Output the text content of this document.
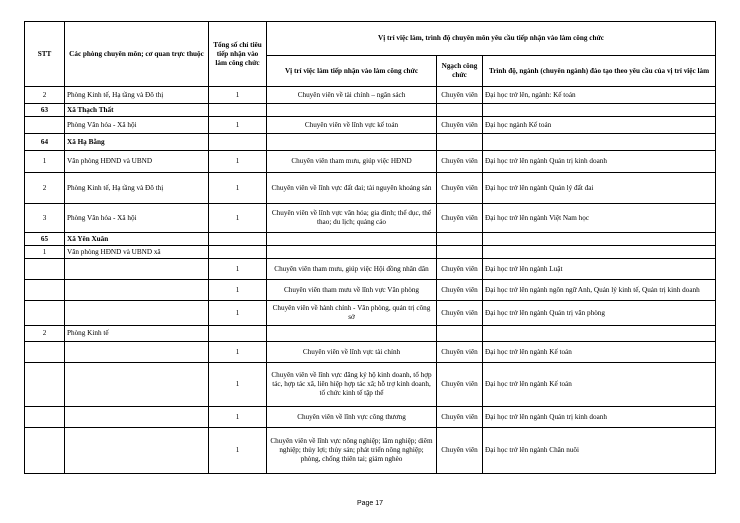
STT	Các phòng chuyên môn; cơ quan trực thuộc	Tổng số chỉ tiêu tiếp nhận vào làm công chức	Vị trí việc làm, trình độ chuyên môn yêu cầu tiếp nhận vào làm công chức		
			Vị trí việc làm tiếp nhận vào làm công chức	Ngạch công chức	Trình độ, ngành (chuyên ngành) đào tạo theo yêu cầu của vị trí việc làm
2	Phòng Kinh tế, Hạ tầng và Đô thị	1	Chuyên viên về tài chính – ngân sách	Chuyên viên	Đại học trở lên, ngành: Kế toán
63	Xã Thạch Thất				
	Phòng Văn hóa - Xã hội	1	Chuyên viên về lĩnh vực kế toán	Chuyên viên	Đại học ngành Kế toán
64	Xã Hạ Bằng				
1	Văn phòng HĐND và UBND	1	Chuyên viên tham mưu, giúp việc HĐND	Chuyên viên	Đại học trở lên ngành Quản trị kinh doanh
2	Phòng Kinh tế, Hạ tầng và Đô thị	1	Chuyên viên về lĩnh vực đất đai; tài nguyên khoáng sản	Chuyên viên	Đại học trở lên ngành Quản lý đất đai
3	Phòng Văn hóa - Xã hội	1	Chuyên viên về lĩnh vực văn hóa; gia đình; thể dục, thể thao; du lịch; quảng cáo	Chuyên viên	Đại học trở lên ngành Việt Nam học
65	Xã Yên Xuân				
1	Văn phòng HĐND và UBND xã				
		1	Chuyên viên tham mưu, giúp việc Hội đồng nhân dân	Chuyên viên	Đại học trở lên ngành Luật
		1	Chuyên viên tham mưu về lĩnh vực Văn phòng	Chuyên viên	Đại học trở lên ngành ngôn ngữ Anh, Quản lý kinh tế, Quản trị kinh doanh
		1	Chuyên viên về hành chính - Văn phòng, quản trị công sở	Chuyên viên	Đại học trở lên ngành Quản trị văn phòng
2	Phòng Kinh tế				
		1	Chuyên viên về lĩnh vực tài chính	Chuyên viên	Đại học trở lên ngành Kế toán
		1	Chuyên viên về lĩnh vực đăng ký hộ kinh doanh, tổ hợp tác, hợp tác xã, liên hiệp hợp tác xã; hỗ trợ kinh doanh, tổ chức kinh tế tập thể	Chuyên viên	Đại học trở lên ngành Kế toán
		1	Chuyên viên về lĩnh vực công thương	Chuyên viên	Đại học trở lên ngành Quản trị kinh doanh
		1	Chuyên viên về lĩnh vực nông nghiệp; lâm nghiệp; diêm nghiệp; thủy lợi; thủy sản; phát triển nông nghiệp; phòng, chống thiên tai; giảm nghèo	Chuyên viên	Đại học trở lên ngành Chăn nuôi
Page 17
